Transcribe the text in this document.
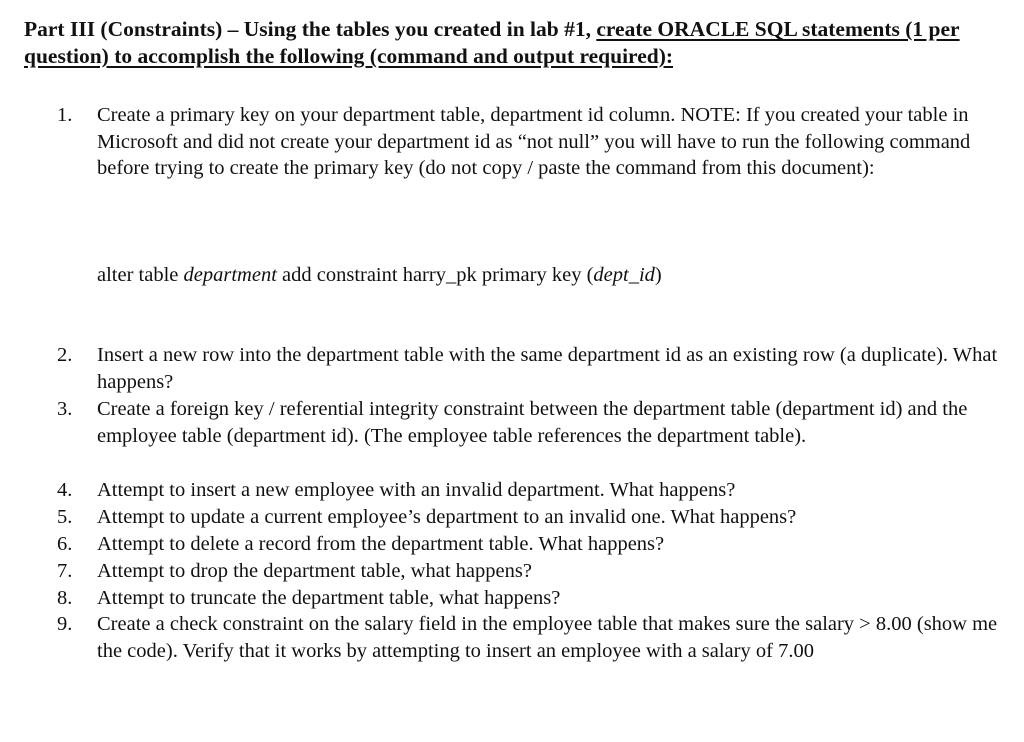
Part III (Constraints) – Using the tables you created in lab #1, create ORACLE SQL statements (1 per question) to accomplish the following (command and output required):

1.	Create a primary key on your department table, department id column. NOTE: If you created your table in Microsoft and did not create your department id as “not null” you will have to run the following command before trying to create the primary key (do not copy / paste the command from this document):
2.	Insert a new row into the department table with the same department id as an existing row (a duplicate). What happens?
3.	Create a foreign key / referential integrity constraint between the department table (department id) and the employee table (department id). (The employee table references the department table).
4.	Attempt to insert a new employee with an invalid department. What happens?
5.	Attempt to update a current employee’s department to an invalid one. What happens?
6.	Attempt to delete a record from the department table. What happens?
7.	Attempt to drop the department table, what happens?
8.	Attempt to truncate the department table, what happens?
9.	Create a check constraint on the salary field in the employee table that makes sure the salary > 8.00 (show me the code). Verify that it works by attempting to insert an employee with a salary of 7.00
alter table department add constraint harry_pk primary key (dept_id)
